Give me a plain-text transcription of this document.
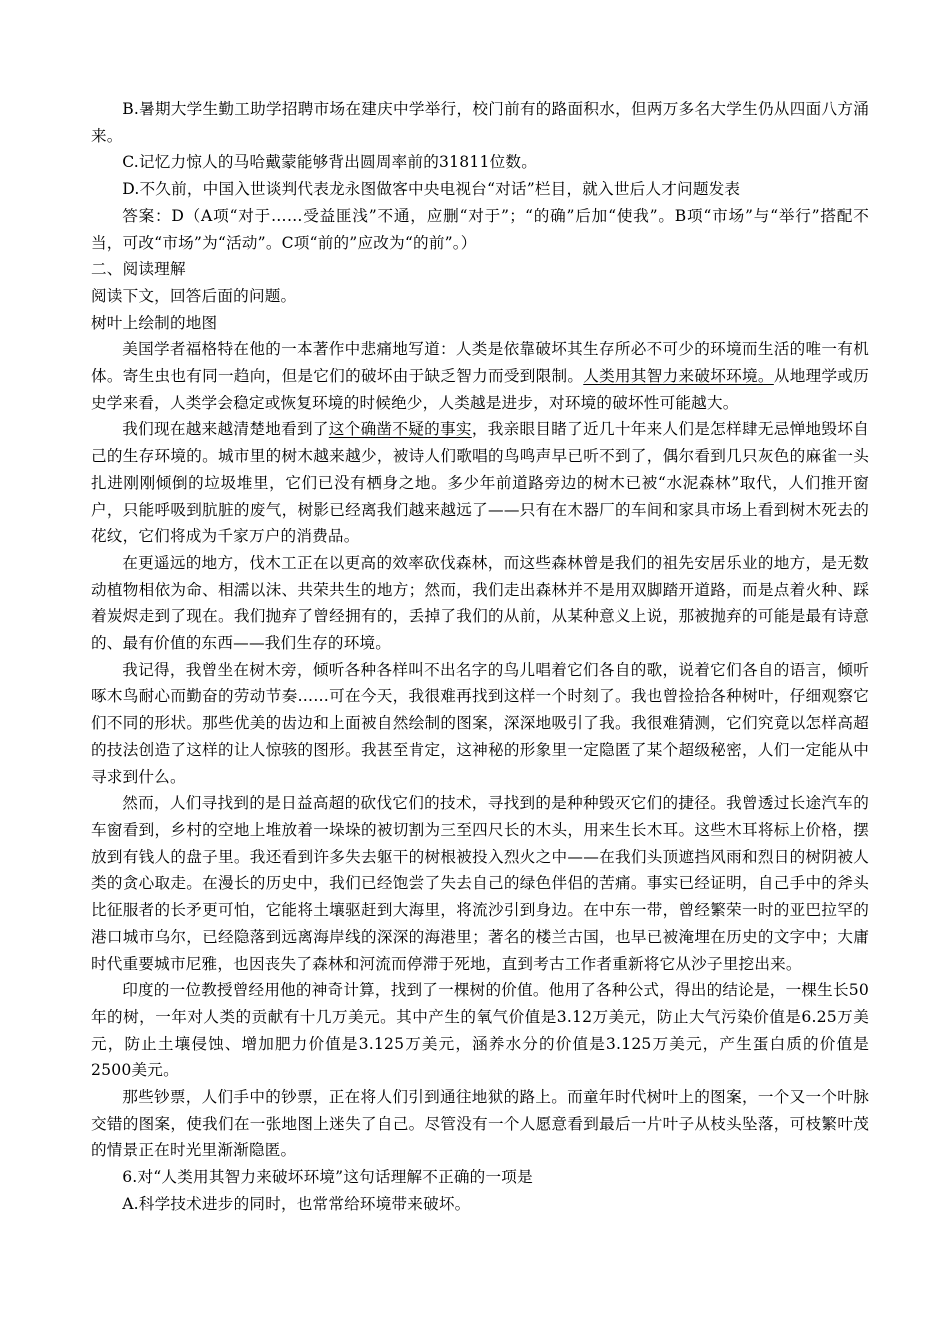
B.暑期大学生勤工助学招聘市场在建庆中学举行，校门前有的路面积水，但两万多名大学生仍从四面八方涌来。

C.记忆力惊人的马哈戴蒙能够背出圆周率前的31811位数。

D.不久前，中国入世谈判代表龙永图做客中央电视台“对话”栏目，就入世后人才问题发表

答案：D（A项“对于……受益匪浅”不通，应删“对于”；“的确”后加“使我”。B项“市场”与“举行”搭配不当，可改“市场”为“活动”。C项“前的”应改为“的前”。）

二、阅读理解

阅读下文，回答后面的问题。

树叶上绘制的地图

美国学者福格特在他的一本著作中悲痛地写道：人类是依靠破坏其生存所必不可少的环境而生活的唯一有机体。寄生虫也有同一趋向，但是它们的破坏由于缺乏智力而受到限制。人类用其智力来破坏环境。从地理学或历史学来看，人类学会稳定或恢复环境的时候绝少，人类越是进步，对环境的破坏性可能越大。

我们现在越来越清楚地看到了这个确凿不疑的事实，我亲眼目睹了近几十年来人们是怎样肆无忌惮地毁坏自己的生存环境的。城市里的树木越来越少，被诗人们歌唱的鸟鸣声早已听不到了，偶尔看到几只灰色的麻雀一头扎进刚刚倾倒的垃圾堆里，它们已没有栖身之地。多少年前道路旁边的树木已被“水泥森林”取代，人们推开窗户，只能呼吸到肮脏的废气，树影已经离我们越来越远了——只有在木器厂的车间和家具市场上看到树木死去的花纹，它们将成为千家万户的消费品。

在更遥远的地方，伐木工正在以更高的效率砍伐森林，而这些森林曾是我们的祖先安居乐业的地方，是无数动植物相依为命、相濡以沫、共荣共生的地方；然而，我们走出森林并不是用双脚踏开道路，而是点着火种、踩着炭烬走到了现在。我们抛弃了曾经拥有的，丢掉了我们的从前，从某种意义上说，那被抛弃的可能是最有诗意的、最有价值的东西——我们生存的环境。

我记得，我曾坐在树木旁，倾听各种各样叫不出名字的鸟儿唱着它们各自的歌，说着它们各自的语言，倾听啄木鸟耐心而勤奋的劳动节奏……可在今天，我很难再找到这样一个时刻了。我也曾捡拾各种树叶，仔细观察它们不同的形状。那些优美的齿边和上面被自然绘制的图案，深深地吸引了我。我很难猜测，它们究竟以怎样高超的技法创造了这样的让人惊骇的图形。我甚至肯定，这神秘的形象里一定隐匿了某个超级秘密，人们一定能从中寻求到什么。

然而，人们寻找到的是日益高超的砍伐它们的技术，寻找到的是种种毁灭它们的捷径。我曾透过长途汽车的车窗看到，乡村的空地上堆放着一垛垛的被切割为三至四尺长的木头，用来生长木耳。这些木耳将标上价格，摆放到有钱人的盘子里。我还看到许多失去躯干的树根被投入烈火之中——在我们头顶遮挡风雨和烈日的树阴被人类的贪心取走。在漫长的历史中，我们已经饱尝了失去自己的绿色伴侣的苦痛。事实已经证明，自己手中的斧头比征服者的长矛更可怕，它能将土壤驱赶到大海里，将流沙引到身边。在中东一带，曾经繁荣一时的亚巴拉罕的港口城市乌尔，已经隐落到远离海岸线的深深的海港里；著名的楼兰古国，也早已被淹埋在历史的文字中；大庸时代重要城市尼雅，也因丧失了森林和河流而停滞于死地，直到考古工作者重新将它从沙子里挖出来。

印度的一位教授曾经用他的神奇计算，找到了一棵树的价值。他用了各种公式，得出的结论是，一棵生长50年的树，一年对人类的贡献有十几万美元。其中产生的氧气价值是3.12万美元，防止大气污染价值是6.25万美元，防止土壤侵蚀、增加肥力价值是3.125万美元，涵养水分的价值是3.125万美元，产生蛋白质的价值是2500美元。

那些钞票，人们手中的钞票，正在将人们引到通往地狱的路上。而童年时代树叶上的图案，一个又一个叶脉交错的图案，使我们在一张地图上迷失了自己。尽管没有一个人愿意看到最后一片叶子从枝头坠落，可枝繁叶茂的情景正在时光里渐渐隐匿。

6.对“人类用其智力来破坏环境”这句话理解不正确的一项是

A.科学技术进步的同时，也常常给环境带来破坏。
